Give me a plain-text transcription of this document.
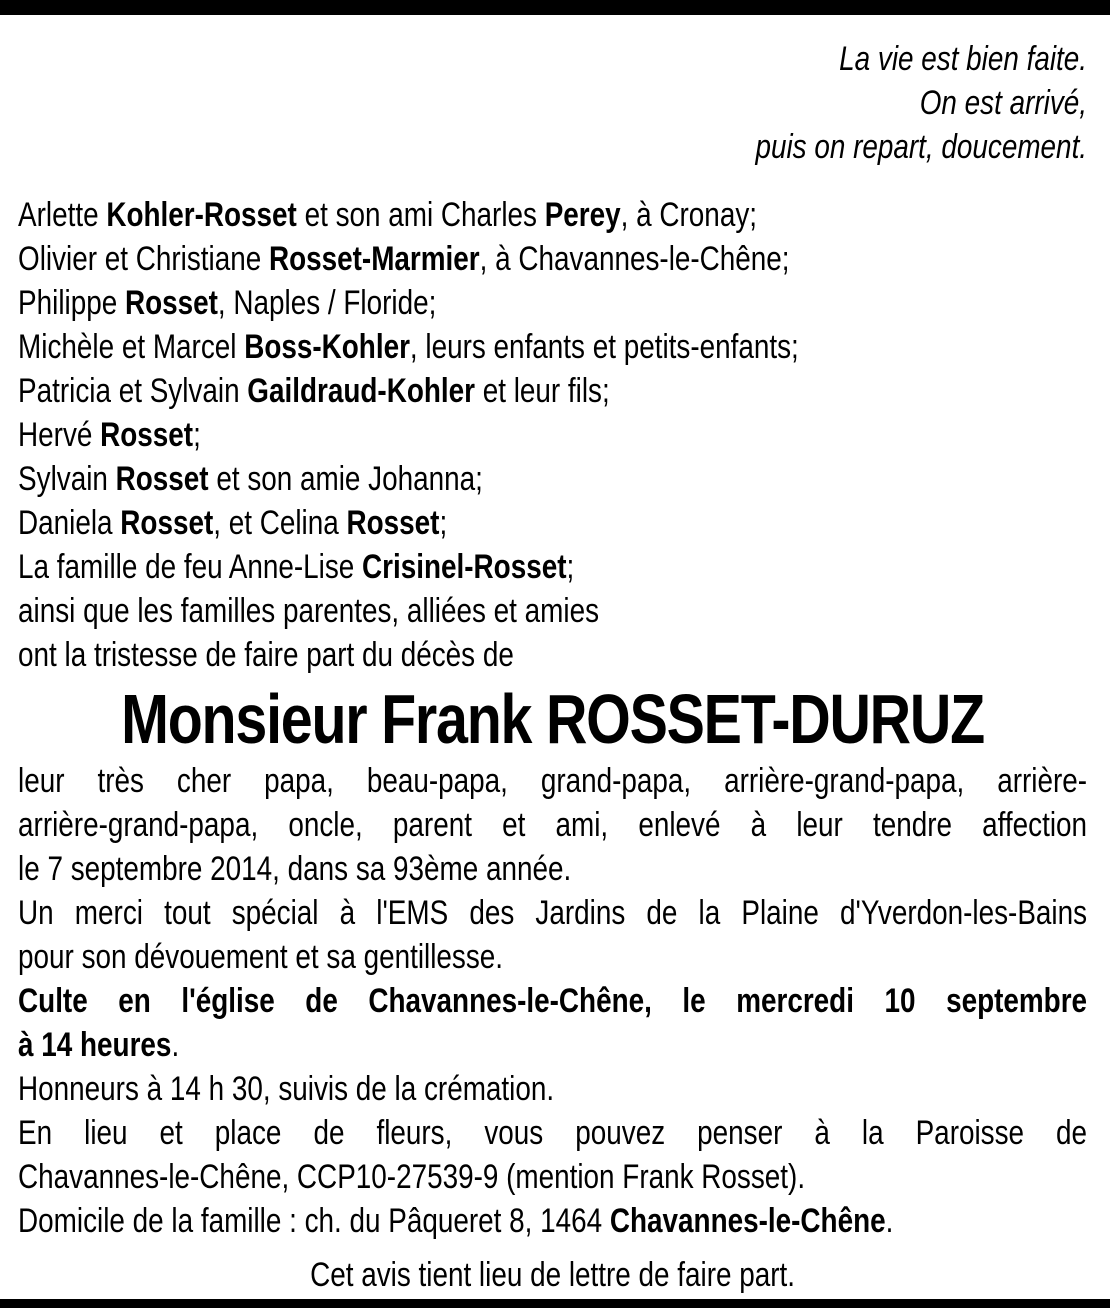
La vie est bien faite.
On est arrivé,
puis on repart, doucement.
Arlette Kohler-Rosset et son ami Charles Perey, à Cronay;
Olivier et Christiane Rosset-Marmier, à Chavannes-le-Chêne;
Philippe Rosset, Naples / Floride;
Michèle et Marcel Boss-Kohler, leurs enfants et petits-enfants;
Patricia et Sylvain Gaildraud-Kohler et leur fils;
Hervé Rosset;
Sylvain Rosset et son amie Johanna;
Daniela Rosset, et Celina Rosset;
La famille de feu Anne-Lise Crisinel-Rosset;
ainsi que les familles parentes, alliées et amies
ont la tristesse de faire part du décès de
Monsieur Frank ROSSET-DURUZ
leur très cher papa, beau-papa, grand-papa, arrière-grand-papa, arrière-
arrière-grand-papa, oncle, parent et ami, enlevé à leur tendre affection
le 7 septembre 2014, dans sa 93ème année.
Un merci tout spécial à l'EMS des Jardins de la Plaine d'Yverdon-les-Bains
pour son dévouement et sa gentillesse.
Culte en l'église de Chavannes-le-Chêne, le mercredi 10 septembre
à 14 heures.
Honneurs à 14 h 30, suivis de la crémation.
En lieu et place de fleurs, vous pouvez penser à la Paroisse de
Chavannes-le-Chêne, CCP10-27539-9 (mention Frank Rosset).
Domicile de la famille : ch. du Pâqueret 8, 1464 Chavannes-le-Chêne.
Cet avis tient lieu de lettre de faire part.
